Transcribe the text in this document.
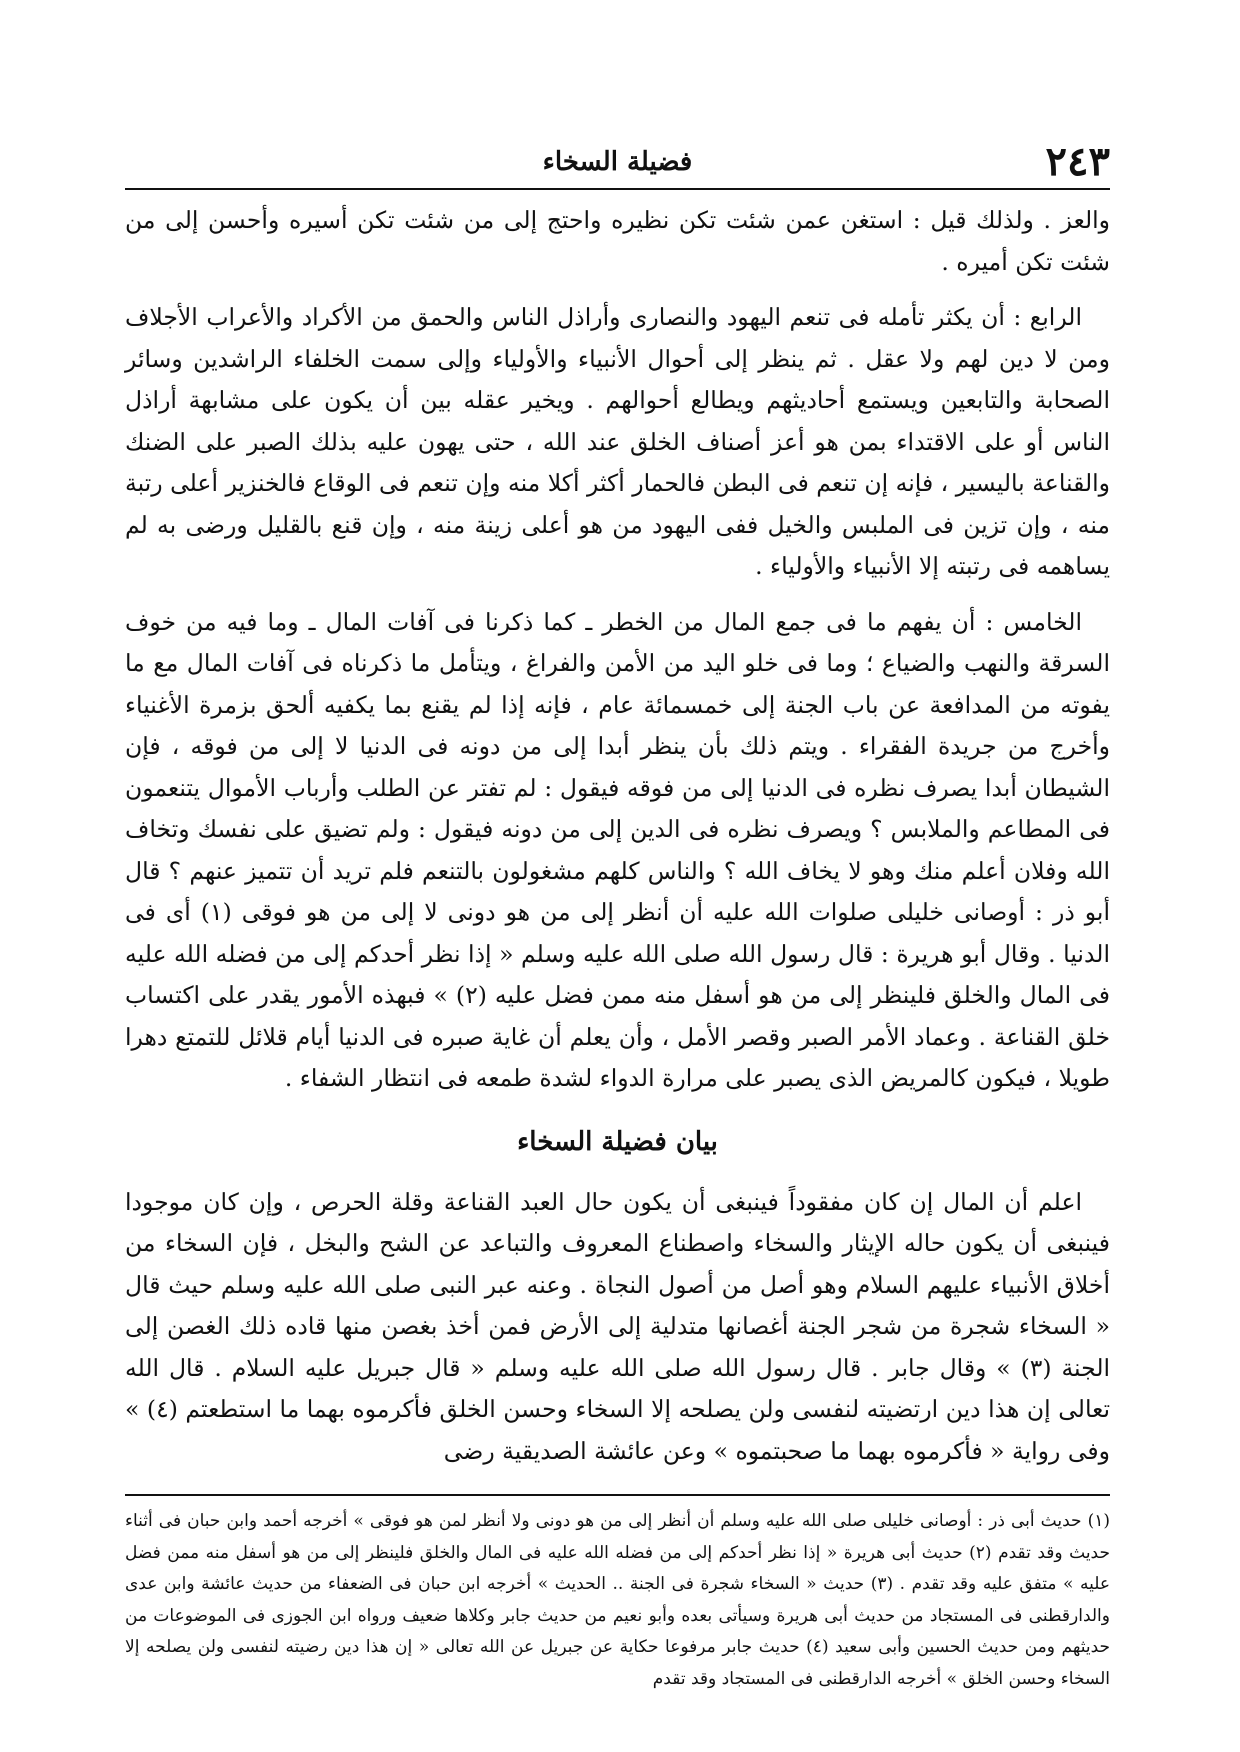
٢٤٣
فضيلة السخاء

والعز . ولذلك قيل : استغن عمن شئت تكن نظيره واحتج إلى من شئت تكن أسيره وأحسن إلى من شئت تكن أميره .

الرابع : أن يكثر تأمله فى تنعم اليهود والنصارى وأراذل الناس والحمق من الأكراد والأعراب الأجلاف ومن لا دين لهم ولا عقل . ثم ينظر إلى أحوال الأنبياء والأولياء وإلى سمت الخلفاء الراشدين وسائر الصحابة والتابعين ويستمع أحاديثهم ويطالع أحوالهم . ويخير عقله بين أن يكون على مشابهة أراذل الناس أو على الاقتداء بمن هو أعز أصناف الخلق عند الله ، حتى يهون عليه بذلك الصبر على الضنك والقناعة باليسير ، فإنه إن تنعم فى البطن فالحمار أكثر أكلا منه وإن تنعم فى الوقاع فالخنزير أعلى رتبة منه ، وإن تزين فى الملبس والخيل ففى اليهود من هو أعلى زينة منه ، وإن قنع بالقليل ورضى به لم يساهمه فى رتبته إلا الأنبياء والأولياء .

الخامس : أن يفهم ما فى جمع المال من الخطر ـ كما ذكرنا فى آفات المال ـ وما فيه من خوف السرقة والنهب والضياع ؛ وما فى خلو اليد من الأمن والفراغ ، ويتأمل ما ذكرناه فى آفات المال مع ما يفوته من المدافعة عن باب الجنة إلى خمسمائة عام ، فإنه إذا لم يقنع بما يكفيه ألحق بزمرة الأغنياء وأخرج من جريدة الفقراء . ويتم ذلك بأن ينظر أبدا إلى من دونه فى الدنيا لا إلى من فوقه ، فإن الشيطان أبدا يصرف نظره فى الدنيا إلى من فوقه فيقول : لم تفتر عن الطلب وأرباب الأموال يتنعمون فى المطاعم والملابس ؟ ويصرف نظره فى الدين إلى من دونه فيقول : ولم تضيق على نفسك وتخاف الله وفلان أعلم منك وهو لا يخاف الله ؟ والناس كلهم مشغولون بالتنعم فلم تريد أن تتميز عنهم ؟ قال أبو ذر : أوصانى خليلى صلوات الله عليه أن أنظر إلى من هو دونى لا إلى من هو فوقى (١) أى فى الدنيا . وقال أبو هريرة : قال رسول الله صلى الله عليه وسلم « إذا نظر أحدكم إلى من فضله الله عليه فى المال والخلق فلينظر إلى من هو أسفل منه ممن فضل عليه (٢) » فبهذه الأمور يقدر على اكتساب خلق القناعة . وعماد الأمر الصبر وقصر الأمل ، وأن يعلم أن غاية صبره فى الدنيا أيام قلائل للتمتع دهرا طويلا ، فيكون كالمريض الذى يصبر على مرارة الدواء لشدة طمعه فى انتظار الشفاء .

بيان فضيلة السخاء

اعلم أن المال إن كان مفقوداً فينبغى أن يكون حال العبد القناعة وقلة الحرص ، وإن كان موجودا فينبغى أن يكون حاله الإيثار والسخاء واصطناع المعروف والتباعد عن الشح والبخل ، فإن السخاء من أخلاق الأنبياء عليهم السلام وهو أصل من أصول النجاة . وعنه عبر النبى صلى الله عليه وسلم حيث قال « السخاء شجرة من شجر الجنة أغصانها متدلية إلى الأرض فمن أخذ بغصن منها قاده ذلك الغصن إلى الجنة (٣) » وقال جابر . قال رسول الله صلى الله عليه وسلم « قال جبريل عليه السلام . قال الله تعالى إن هذا دين ارتضيته لنفسى ولن يصلحه إلا السخاء وحسن الخلق فأكرموه بهما ما استطعتم (٤) » وفى رواية « فأكرموه بهما ما صحبتموه » وعن عائشة الصديقية رضى

(١) حديث أبى ذر : أوصانى خليلى صلى الله عليه وسلم أن أنظر إلى من هو دونى ولا أنظر لمن هو فوقى » أخرجه أحمد وابن حبان فى أثناء حديث وقد تقدم (٢) حديث أبى هريرة « إذا نظر أحدكم إلى من فضله الله عليه فى المال والخلق فلينظر إلى من هو أسفل منه ممن فضل عليه » متفق عليه وقد تقدم . (٣) حديث « السخاء شجرة فى الجنة .. الحديث » أخرجه ابن حبان فى الضعفاء من حديث عائشة وابن عدى والدارقطنى فى المستجاد من حديث أبى هريرة وسيأتى بعده وأبو نعيم من حديث جابر وكلاها ضعيف ورواه ابن الجوزى فى الموضوعات من حديثهم ومن حديث الحسين وأبى سعيد (٤) حديث جابر مرفوعا حكاية عن جبريل عن الله تعالى « إن هذا دين رضيته لنفسى ولن يصلحه إلا السخاء وحسن الخلق » أخرجه الدارقطنى فى المستجاد وقد تقدم
